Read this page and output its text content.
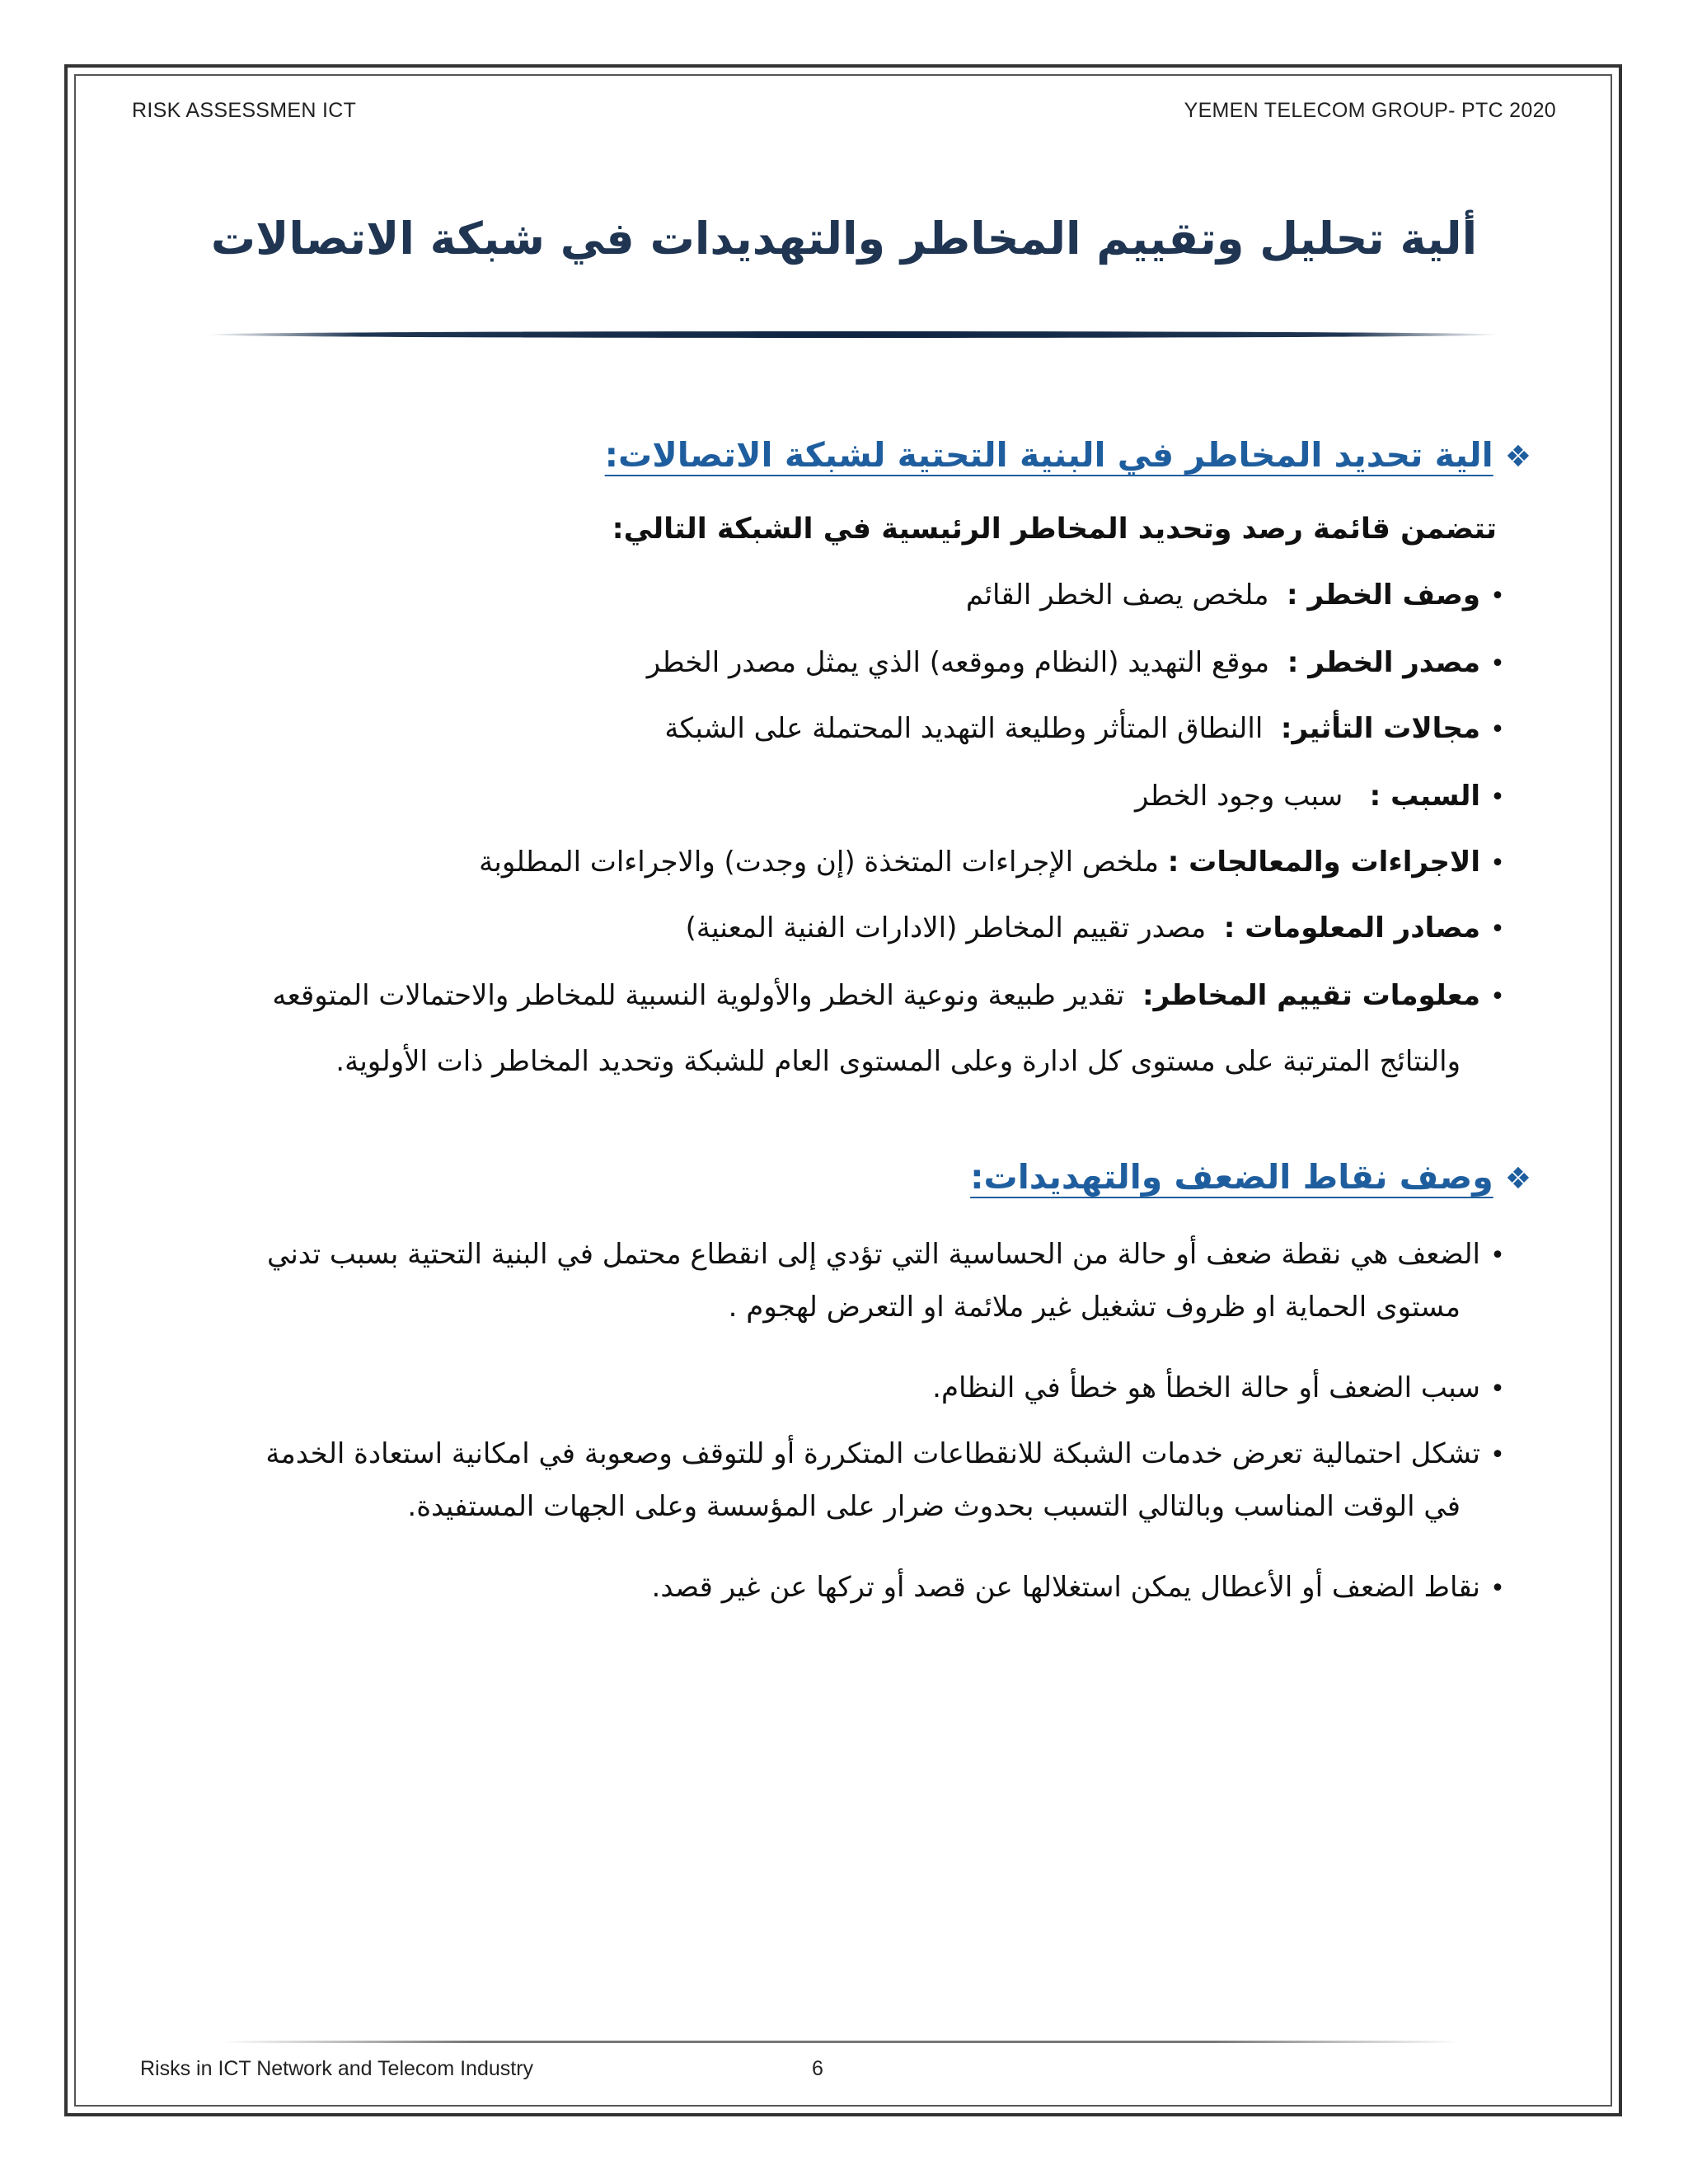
RISK ASSESSMEN ICT	YEMEN TELECOM GROUP- PTC 2020
ألية تحليل وتقييم المخاطر والتهديدات في شبكة الاتصالات
❖الية تحديد المخاطر في البنية التحتية لشبكة الاتصالات:
تتضمن قائمة رصد وتحديد المخاطر الرئيسية في الشبكة التالي:
•وصف الخطر :  ملخص يصف الخطر القائم
•مصدر الخطر :  موقع التهديد (النظام وموقعه) الذي يمثل مصدر الخطر
•مجالات التأثير:  االنطاق المتأثر وطليعة التهديد المحتملة على الشبكة
•السبب :   سبب وجود الخطر
•الاجراءات والمعالجات : ملخص الإجراءات المتخذة (إن وجدت) والاجراءات المطلوبة
•مصادر المعلومات :  مصدر تقييم المخاطر (الادارات الفنية المعنية)
•معلومات تقييم المخاطر:  تقدير طبيعة ونوعية الخطر والأولوية النسبية للمخاطر والاحتمالات المتوقعه
والنتائج المترتبة على مستوى كل ادارة وعلى المستوى العام للشبكة وتحديد المخاطر ذات الأولوية.
❖وصف نقاط الضعف والتهديدات:
•الضعف هي نقطة ضعف أو حالة من الحساسية التي تؤدي إلى انقطاع محتمل في البنية التحتية بسبب تدني
مستوى الحماية او ظروف تشغيل غير ملائمة او التعرض لهجوم .
•سبب الضعف أو حالة الخطأ هو خطأ في النظام.
•تشكل احتمالية تعرض خدمات الشبكة للانقطاعات المتكررة أو للتوقف وصعوبة في امكانية استعادة الخدمة
في الوقت المناسب وبالتالي التسبب بحدوث ضرار على المؤسسة وعلى الجهات المستفيدة.
•نقاط الضعف أو الأعطال يمكن استغلالها عن قصد أو تركها عن غير قصد.
Risks in ICT Network and Telecom Industry	6
